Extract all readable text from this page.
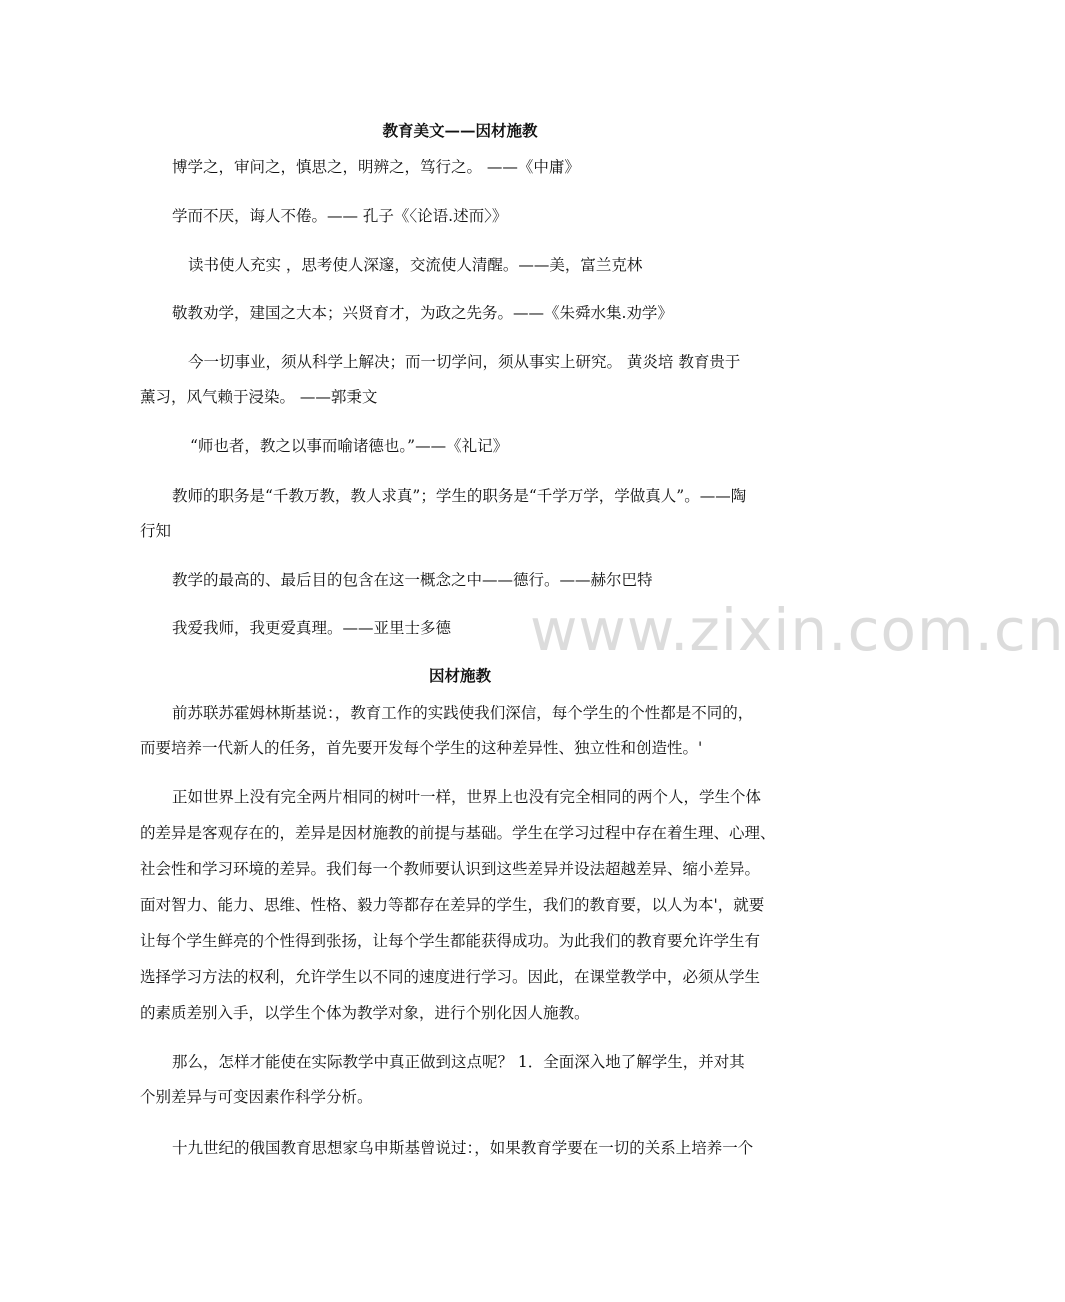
www.zixin.com.cn
教育美文——因材施教
博学之，审问之，慎思之，明辨之，笃行之。 ——《中庸》
学而不厌，诲人不倦。—— 孔子《〈论语.述而〉》
读书使人充实 ，思考使人深邃，交流使人清醒。——美，富兰克林
敬教劝学，建国之大本；兴贤育才，为政之先务。——《朱舜水集.劝学》
今一切事业，须从科学上解决；而一切学问，须从事实上研究。 黄炎培 教育贵于
薰习，风气赖于浸染。 ——郭秉文
“师也者，教之以事而喻诸德也。”——《礼记》
教师的职务是“千教万教，教人求真”；学生的职务是“千学万学，学做真人”。——陶
行知
教学的最高的、最后目的包含在这一概念之中——德行。——赫尔巴特
我爱我师，我更爱真理。——亚里士多德
因材施教
前苏联苏霍姆林斯基说：，教育工作的实践使我们深信，每个学生的个性都是不同的，
而要培养一代新人的任务，首先要开发每个学生的这种差异性、独立性和创造性。'
正如世界上没有完全两片相同的树叶一样，世界上也没有完全相同的两个人，学生个体
的差异是客观存在的，差异是因材施教的前提与基础。学生在学习过程中存在着生理、心理、
社会性和学习环境的差异。我们每一个教师要认识到这些差异并设法超越差异、缩小差异。
面对智力、能力、思维、性格、毅力等都存在差异的学生，我们的教育要，以人为本'，就要
让每个学生鲜亮的个性得到张扬，让每个学生都能获得成功。为此我们的教育要允许学生有
选择学习方法的权利，允许学生以不同的速度进行学习。因此，在课堂教学中，必须从学生
的素质差别入手，以学生个体为教学对象，进行个别化因人施教。
那么，怎样才能使在实际教学中真正做到这点呢？ 1．全面深入地了解学生，并对其
个别差异与可变因素作科学分析。
十九世纪的俄国教育思想家乌申斯基曾说过：，如果教育学要在一切的关系上培养一个
